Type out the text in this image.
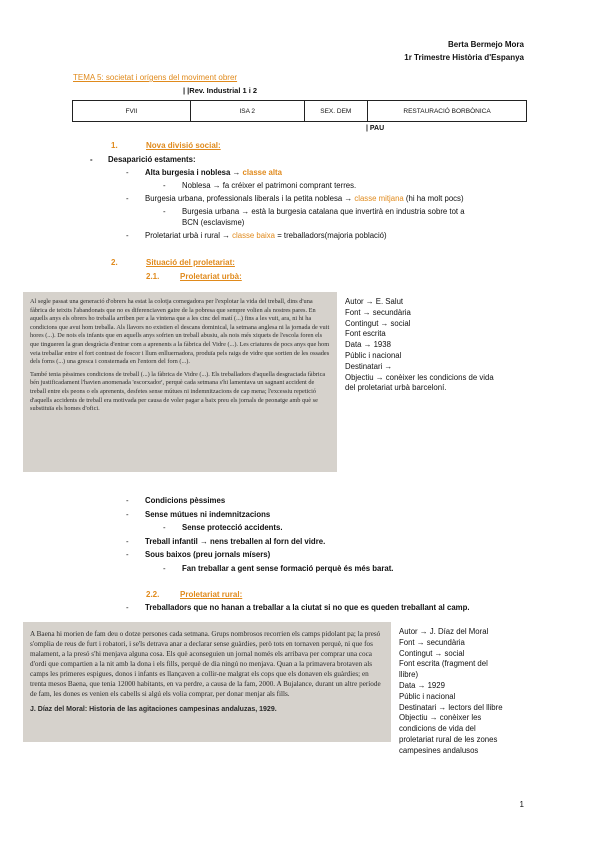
Berta Bermejo Mora
1r Trimestre Història d'Espanya
TEMA 5: societat i orígens del moviment obrer
| |Rev. Industrial 1 i 2
FVII	ISA 2	SEX. DEM	RESTAURACIÓ BORBÒNICA
| PAU
1.	Nova divisió social:
- Desaparició estaments:
- Alta burgesia i noblesa → classe alta
- Noblesa → fa créixer el patrimoni comprant terres.
- Burgesia urbana, professionals liberals i la petita noblesa → classe mitjana (hi ha molt pocs)
- Burgesia urbana → està la burgesia catalana que invertirà en industria sobre tot a
BCN (esclavisme)
- Proletariat urbà i rural → classe baixa = treballadors(majoria població)
2.	Situació del proletariat:
2.1.	Proletariat urbà:

Al segle passat una generació d'obrers ha estat la colotja comegadora per l'explotar la vida del treball, dins d'una fàbrica de teixits l'abandonats que no es diferenciaven gaire de la pobresa que sempre volien als nostres pares. En aquells anys els obrers ho treballa arriben per a la vintena que a les cinc del matí (...) fins a les vuit, ara, ni hi ha condicions que avui hom treballa. Als llavors no existien el descans dominical, la setmana anglesa ni la jornada de vuit hores (...). De nois els infants que en aquells anys sofrien un treball abusiu, als nois més xiquets de l'escola foren els que tingueren la gran desgràcia d'entrar com a aprenents a la fàbrica del Vidre (...). Les criatures de pocs anys que hom veia treballar entre el fort contrast de foscor i llum enlluernadora, produïa pels raigs de vidre que sortien de les ossades dels forns (...) una gresca i consternada en l'entorn del forn (...).

També tenia pèssimes condicions de treball (...) la fàbrica de Vidre (...). Els treballadors d'aquella desgraciada fàbrica bén justificadament l'havien anomenada 'escorxador', perquè cada setmana s'hi lamentava un sagnant accident de treball entre els peons o els aprenents, desfetes sense mútues ni indemnitzacions de cap mena; l'excessiu repetició d'aquells accidents de treball era motivada per causa de voler pagar a baix preu els jornals de peonatge amb què se substituïa els homes d'ofici.

Autor → E. Salut
Font → secundària
Contingut → social
Font escrita
Data → 1938
Públic i nacional
Destinatari →
Objectiu → conèixer les condicions de vida
del proletariat urbà barceloní.
- Condicions pèssimes
- Sense mútues ni indemnitzacions
- Sense protecció accidents.
- Treball infantil → nens treballen al forn del vidre.
- Sous baixos (preu jornals mísers)
- Fan treballar a gent sense formació perquè és més barat.
2.2.	Proletariat rural:
- Treballadors que no hanan a treballar a la ciutat si no que es queden treballant al camp.

A Baena hi morien de fam deu o dotze persones cada setmana. Grups nombrosos recorrien els camps pidolant pa; la presó s'omplia de reus de furt i robatori, i se'ls detrava anar a declarar sense guàrdies, però tots en tornaven perquè, ni que fos malament, a la presó s'hi menjava alguna cosa. Els què aconseguien un jornal només els arribava per comprar una coca d'ordi que compartien a la nit amb la dona i els fills, perquè de dia ningú no menjava. Quan a la primavera brotaven als camps les primeres espigues, donos i infants es llançaven a collir-ne malgrat els cops que els donaven els guàrdies; en trenta mesos Baena, que tenia 12000 habitants, en va perdre, a causa de la fam, 2000. A Bujalance, durant un altre període de fam, les dones es venien els cabells si algú els volia comprar, per donar menjar als fills.

J. Díaz del Moral: Historia de las agitaciones campesinas andaluzas, 1929.

Autor → J. Díaz del Moral
Font → secundària
Contingut → social
Font escrita (fragment del
llibre)
Data → 1929
Públic i nacional
Destinatari → lectors del llibre
Objectiu → conèixer les
condicions de vida del
proletariat rural de les zones
campesines andalusos
1
